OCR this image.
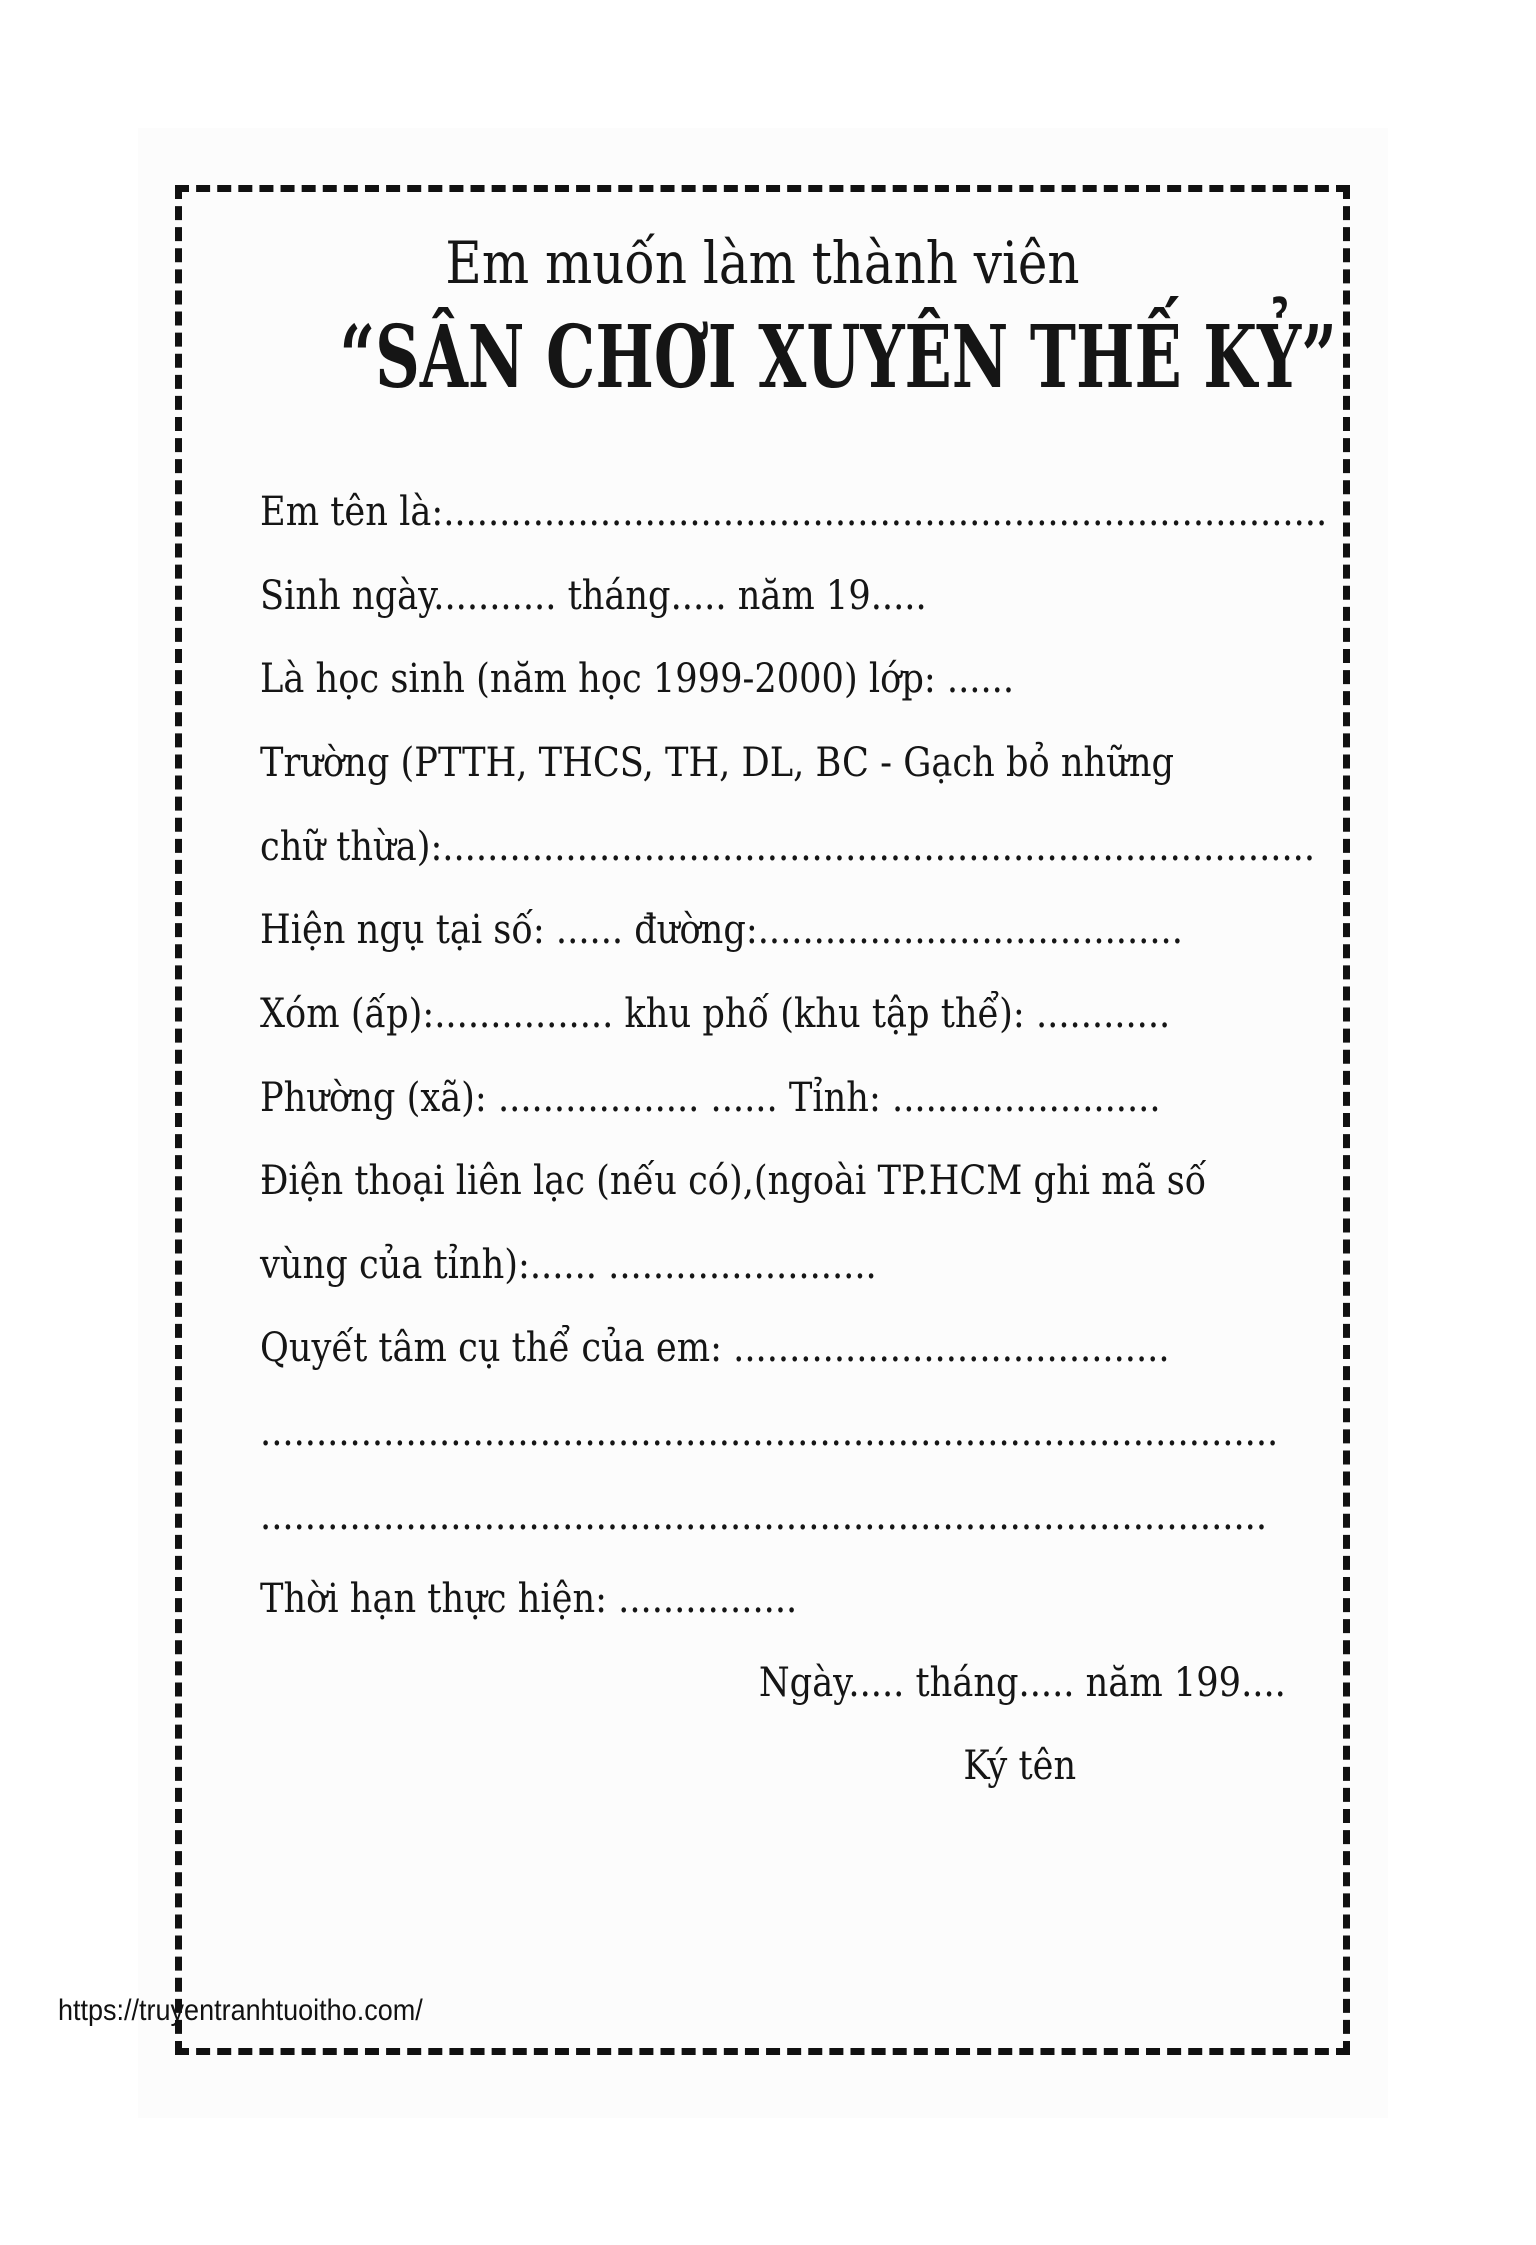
Em muốn làm thành viên
“SÂN CHƠI XUYÊN THẾ KỶ”
Em tên là:...............................................................................
Sinh ngày........... tháng..... năm 19.....
Là học sinh (năm học 1999-2000) lớp: ......
Trường (PTTH, THCS, TH, DL, BC - Gạch bỏ những
chữ thừa):..............................................................................
Hiện ngụ tại số: ...... đường:......................................
Xóm (ấp):................ khu phố (khu tập thể): ............
Phường (xã): .................. ...... Tỉnh: ........................
Điện thoại liên lạc (nếu có),(ngoài TP.HCM ghi mã số
vùng của tỉnh):...... ........................
Quyết tâm cụ thể của em: .......................................
...........................................................................................
..........................................................................................
Thời hạn thực hiện: ................
Ngày..... tháng..... năm 199....
Ký tên
https://truyentranhtuoitho.com/
